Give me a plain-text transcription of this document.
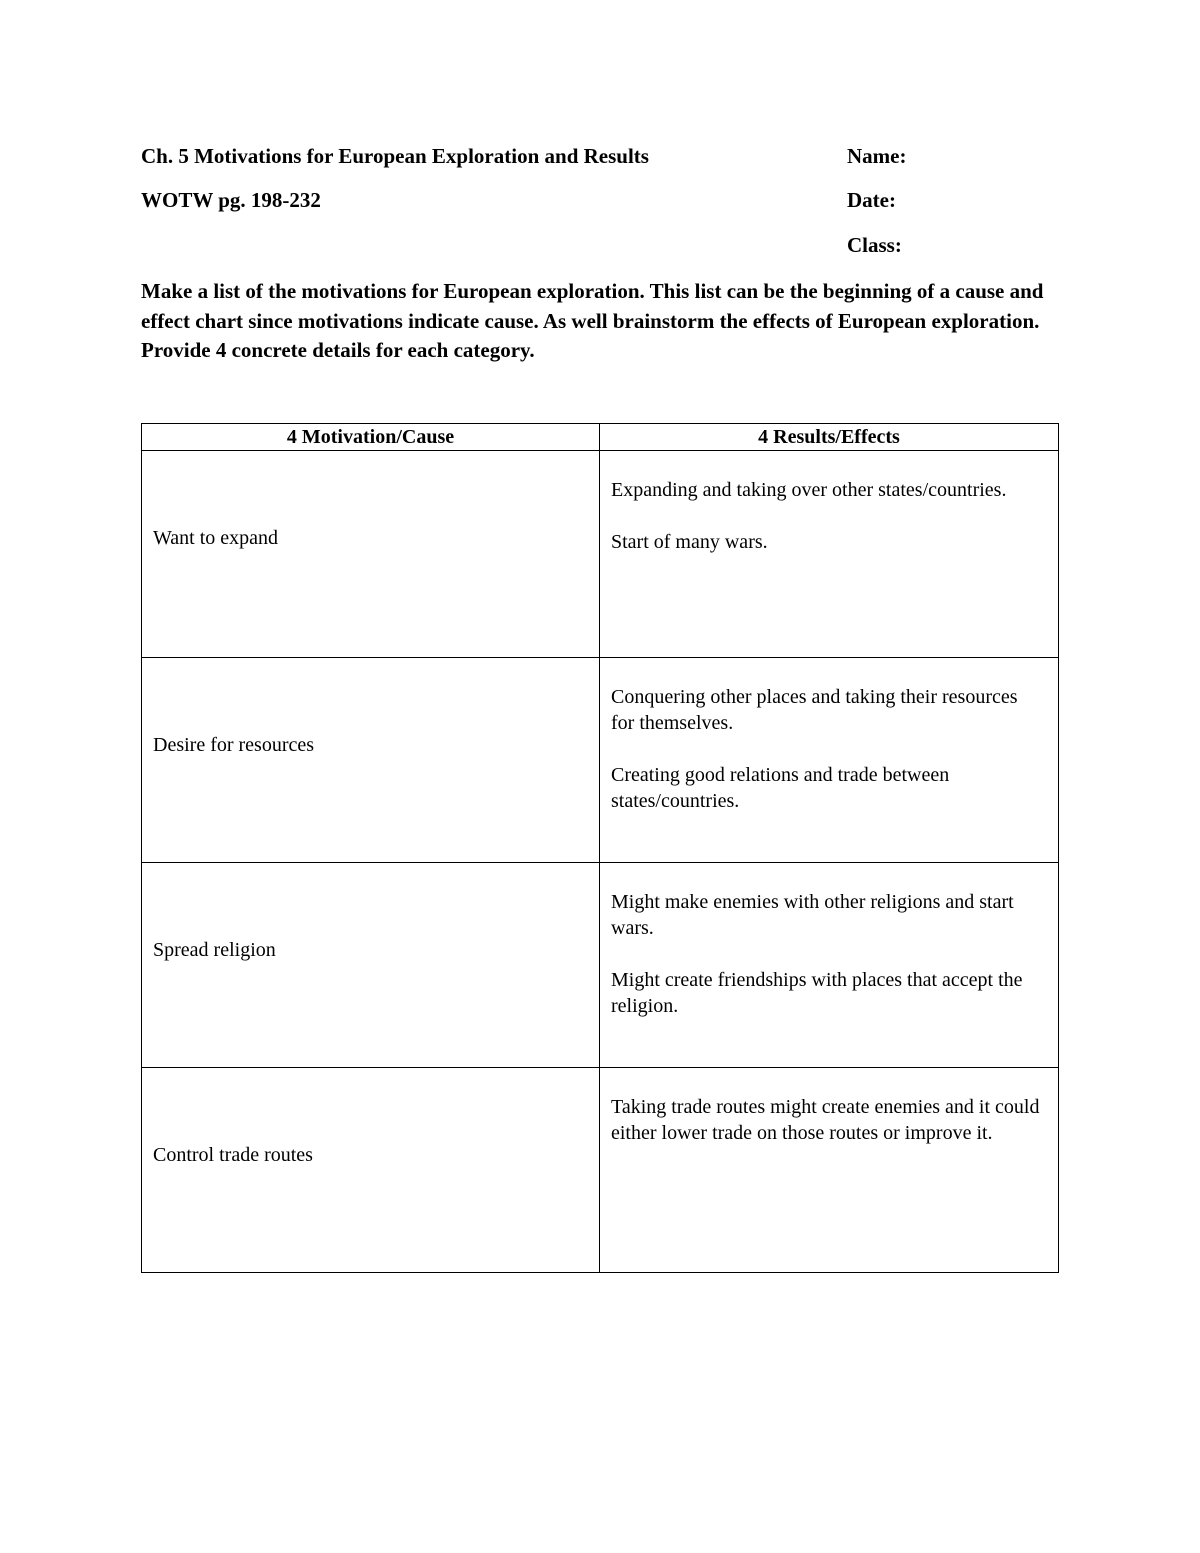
Ch. 5 Motivations for European Exploration and Results
WOTW pg. 198-232
Name:
Date:
Class:

Make a list of the motivations for European exploration. This list can be the beginning of a cause and effect chart since motivations indicate cause. As well brainstorm the effects of European exploration. Provide 4 concrete details for each category.

4 Motivation/Cause	4 Results/Effects

Want to expand	Expanding and taking over other states/countries.

Start of many wars.

Desire for resources	Conquering other places and taking their resources for themselves.

Creating good relations and trade between states/countries.

Spread religion	Might make enemies with other religions and start wars.

Might create friendships with places that accept the religion.

Control trade routes	Taking trade routes might create enemies and it could either lower trade on those routes or improve it.
